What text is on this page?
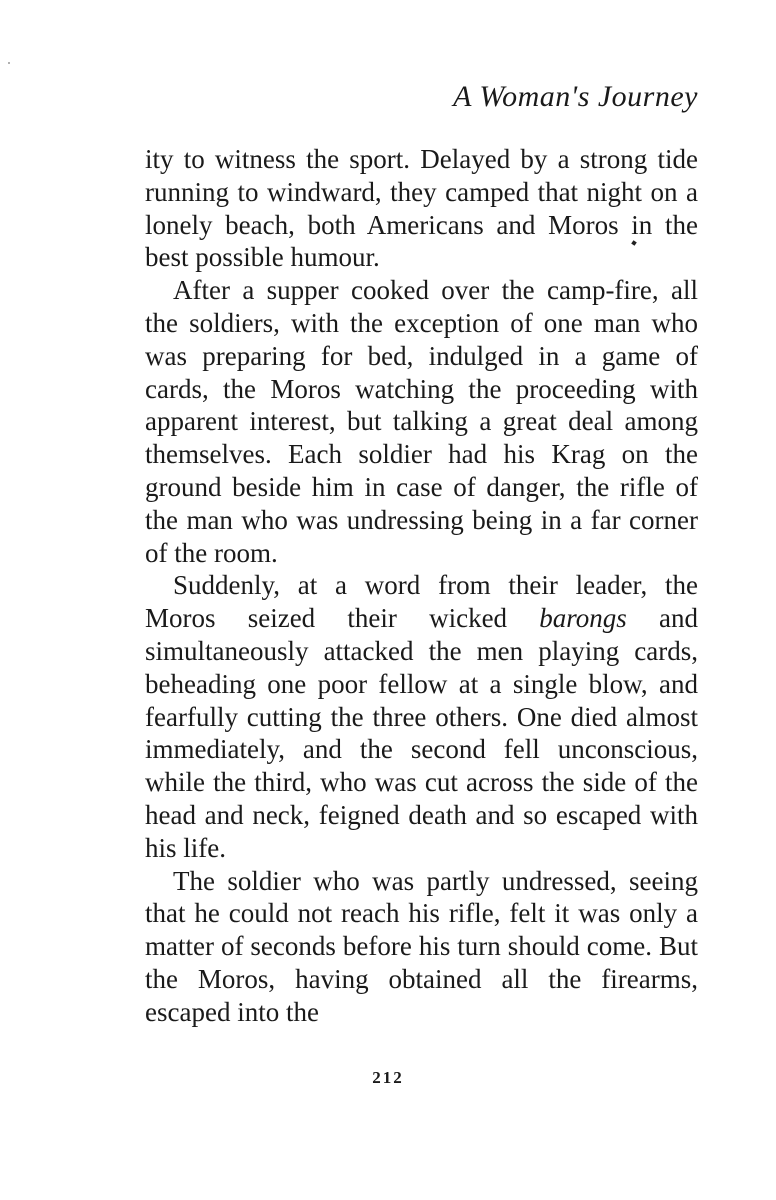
A Woman's Journey

ity to witness the sport. Delayed by a strong tide running to windward, they camped that night on a lonely beach, both Americans and Moros in the best possible humour.

After a supper cooked over the camp-fire, all the soldiers, with the exception of one man who was preparing for bed, indulged in a game of cards, the Moros watching the proceeding with apparent interest, but talking a great deal among themselves. Each soldier had his Krag on the ground beside him in case of danger, the rifle of the man who was undressing being in a far corner of the room.

Suddenly, at a word from their leader, the Moros seized their wicked barongs and simultaneously attacked the men playing cards, beheading one poor fellow at a single blow, and fearfully cutting the three others. One died almost immediately, and the second fell unconscious, while the third, who was cut across the side of the head and neck, feigned death and so escaped with his life.

The soldier who was partly undressed, seeing that he could not reach his rifle, felt it was only a matter of seconds before his turn should come. But the Moros, having obtained all the firearms, escaped into the

212
